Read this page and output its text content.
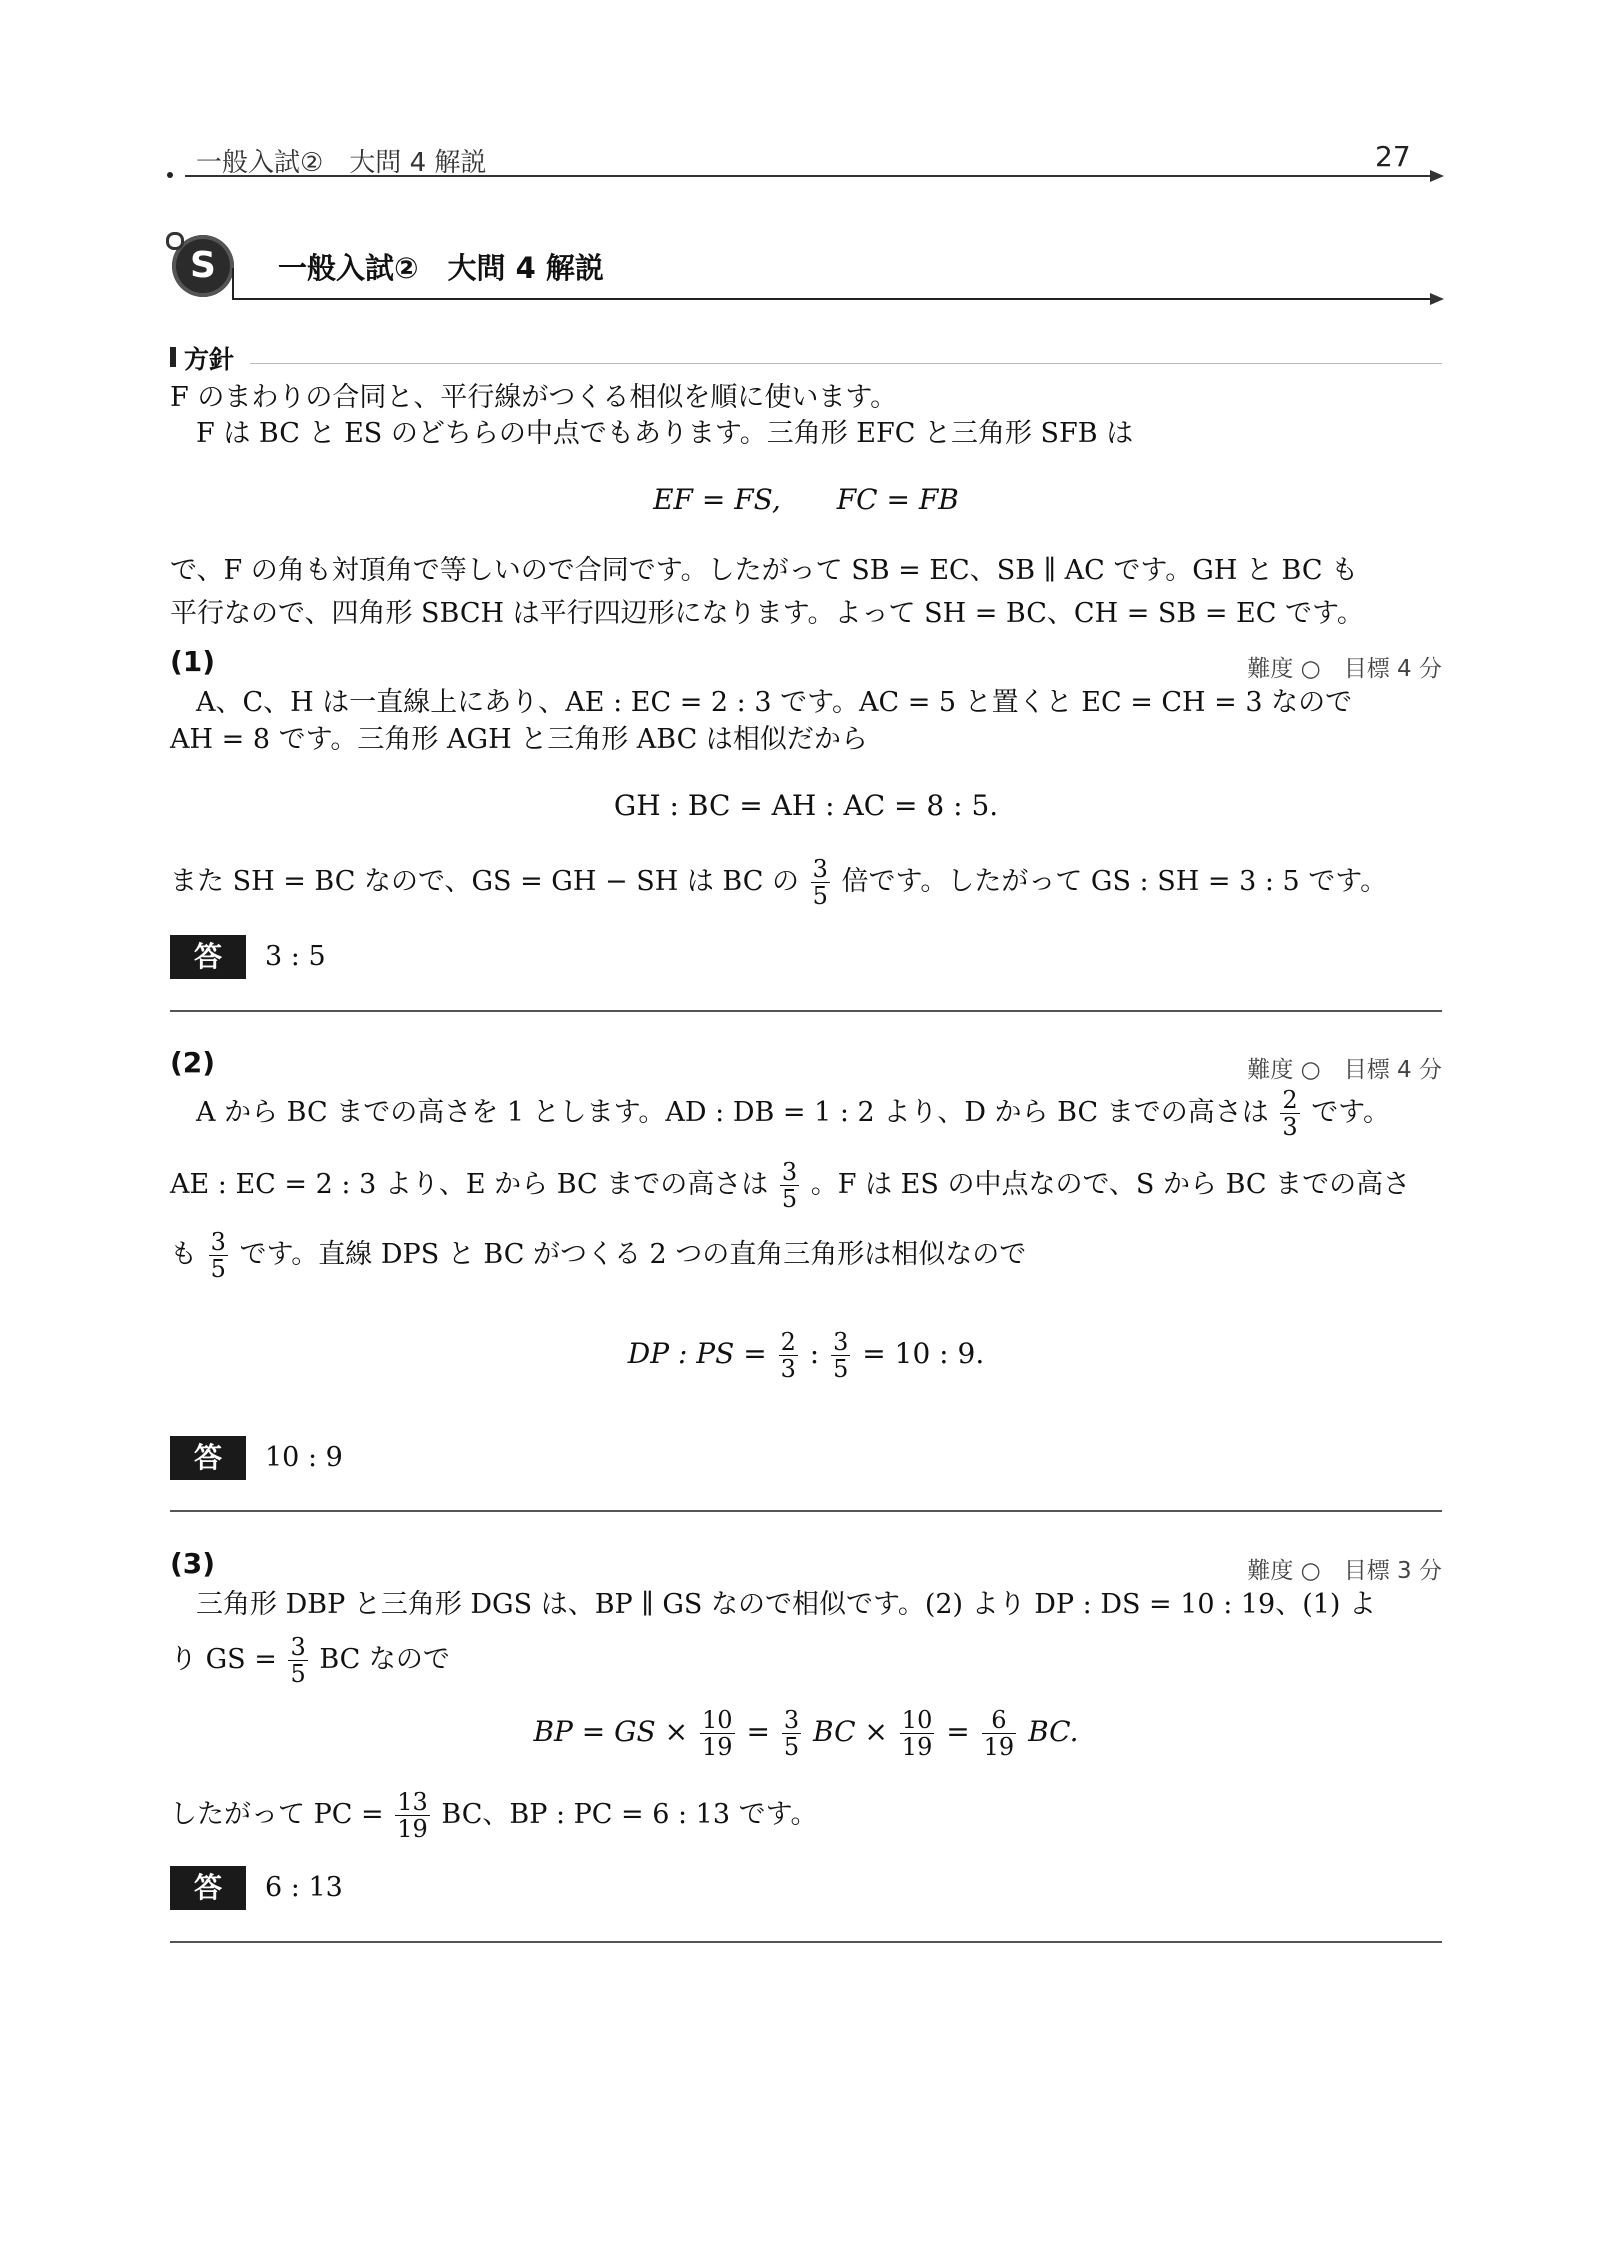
一般入試②　大問 4 解説	27
S	一般入試②　大問 4 解説
方針
F のまわりの合同と、平行線がつくる相似を順に使います。
F は BC と ES のどちらの中点でもあります。三角形 EFC と三角形 SFB は
EF = FS,　　FC = FB
で、F の角も対頂角で等しいので合同です。したがって SB = EC、SB ∥ AC です。GH と BC も
平行なので、四角形 SBCH は平行四辺形になります。よって SH = BC、CH = SB = EC です。
(1)	難度 ○　目標 4 分
A、C、H は一直線上にあり、AE : EC = 2 : 3 です。AC = 5 と置くと EC = CH = 3 なので
AH = 8 です。三角形 AGH と三角形 ABC は相似だから
GH : BC = AH : AC = 8 : 5.
また SH = BC なので、GS = GH − SH は BC の $\frac{3}{5}$ 倍です。したがって GS : SH = 3 : 5 です。
答	3 : 5
(2)	難度 ○　目標 4 分
A から BC までの高さを 1 とします。AD : DB = 1 : 2 より、D から BC までの高さは $\frac{2}{3}$ です。
AE : EC = 2 : 3 より、E から BC までの高さは $\frac{3}{5}$ 。F は ES の中点なので、S から BC までの高さ
も $\frac{3}{5}$ です。直線 DPS と BC がつくる 2 つの直角三角形は相似なので
DP : PS = $\frac{2}{3}$ : $\frac{3}{5} = 10$ : 9.
答	10 : 9
(3)	難度 ○　目標 3 分
三角形 DBP と三角形 DGS は、BP ∥ GS なので相似です。(2) より DP : DS = 10 : 19、(1) よ
り GS = $\frac{3}{5}$ BC なので
BP = GS × $\frac{10}{19} = \frac{3}{5}$ BC × $\frac{10}{19} = \frac{6}{19}$ BC.
したがって PC = $\frac{13}{19}$ BC、BP : PC = 6 : 13 です。
答	6 : 13
